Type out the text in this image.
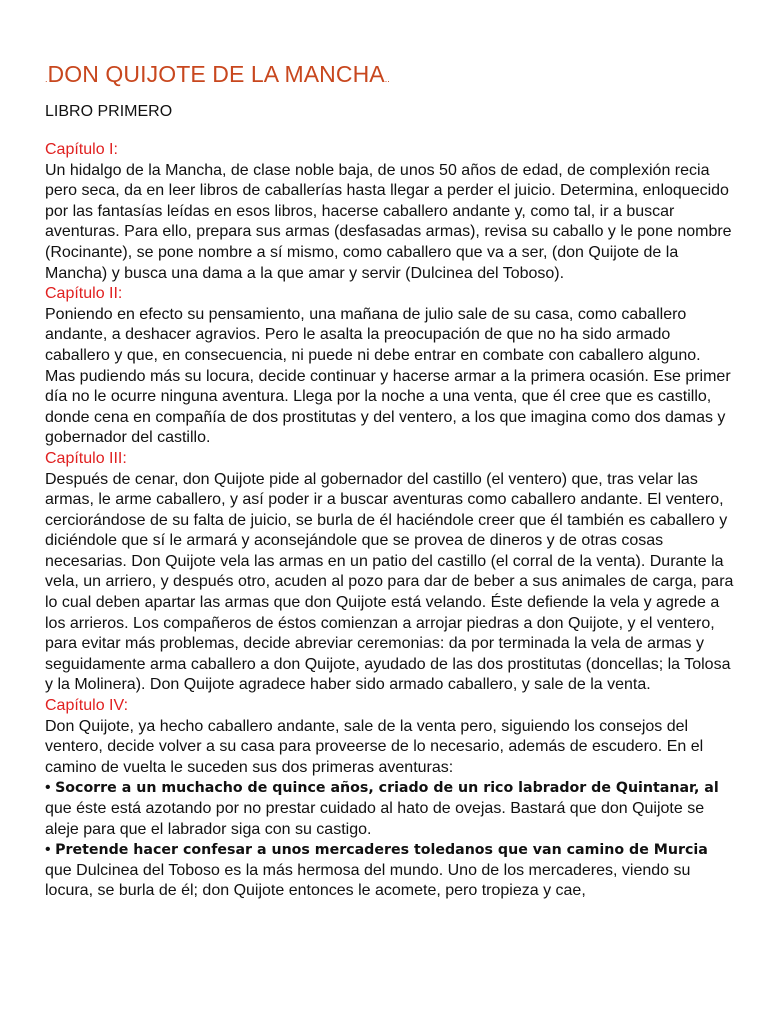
. DON QUIJOTE DE LA MANCHA ..
LIBRO PRIMERO
Capítulo I:
Un hidalgo de la Mancha, de clase noble baja, de unos 50 años de edad, de complexión recia pero seca, da en leer libros de caballerías hasta llegar a perder el juicio. Determina, enloquecido por las fantasías leídas en esos libros, hacerse caballero andante y, como tal, ir a buscar aventuras. Para ello, prepara sus armas (desfasadas armas), revisa su caballo y le pone nombre (Rocinante), se pone nombre a sí mismo, como caballero que va a ser, (don Quijote de la Mancha) y busca una dama a la que amar y servir (Dulcinea del Toboso).
Capítulo II:
Poniendo en efecto su pensamiento, una mañana de julio sale de su casa, como caballero andante, a deshacer agravios. Pero le asalta la preocupación de que no ha sido armado caballero y que, en consecuencia, ni puede ni debe entrar en combate con caballero alguno. Mas pudiendo más su locura, decide continuar y hacerse armar a la primera ocasión. Ese primer día no le ocurre ninguna aventura. Llega por la noche a una venta, que él cree que es castillo, donde cena en compañía de dos prostitutas y del ventero, a los que imagina como dos damas y gobernador del castillo.
Capítulo III:
Después de cenar, don Quijote pide al gobernador del castillo (el ventero) que, tras velar las armas, le arme caballero, y así poder ir a buscar aventuras como caballero andante. El ventero, cerciorándose de su falta de juicio, se burla de él haciéndole creer que él también es caballero y diciéndole que sí le armará y aconsejándole que se provea de dineros y de otras cosas necesarias. Don Quijote vela las armas en un patio del castillo (el corral de la venta). Durante la vela, un arriero, y después otro, acuden al pozo para dar de beber a sus animales de carga, para lo cual deben apartar las armas que don Quijote está velando. Éste defiende la vela y agrede a los arrieros. Los compañeros de éstos comienzan a arrojar piedras a don Quijote, y el ventero, para evitar más problemas, decide abreviar ceremonias: da por terminada la vela de armas y seguidamente arma caballero a don Quijote, ayudado de las dos prostitutas (doncellas; la Tolosa y la Molinera). Don Quijote agradece haber sido armado caballero, y sale de la venta.
Capítulo IV:
Don Quijote, ya hecho caballero andante, sale de la venta pero, siguiendo los consejos del ventero, decide volver a su casa para proveerse de lo necesario, además de escudero. En el camino de vuelta le suceden sus dos primeras aventuras:
• Socorre a un muchacho de quince años, criado de un rico labrador de Quintanar, al que éste está azotando por no prestar cuidado al hato de ovejas. Bastará que don Quijote se aleje para que el labrador siga con su castigo.
• Pretende hacer confesar a unos mercaderes toledanos que van camino de Murcia que Dulcinea del Toboso es la más hermosa del mundo. Uno de los mercaderes, viendo su locura, se burla de él; don Quijote entonces le acomete, pero tropieza y cae,
